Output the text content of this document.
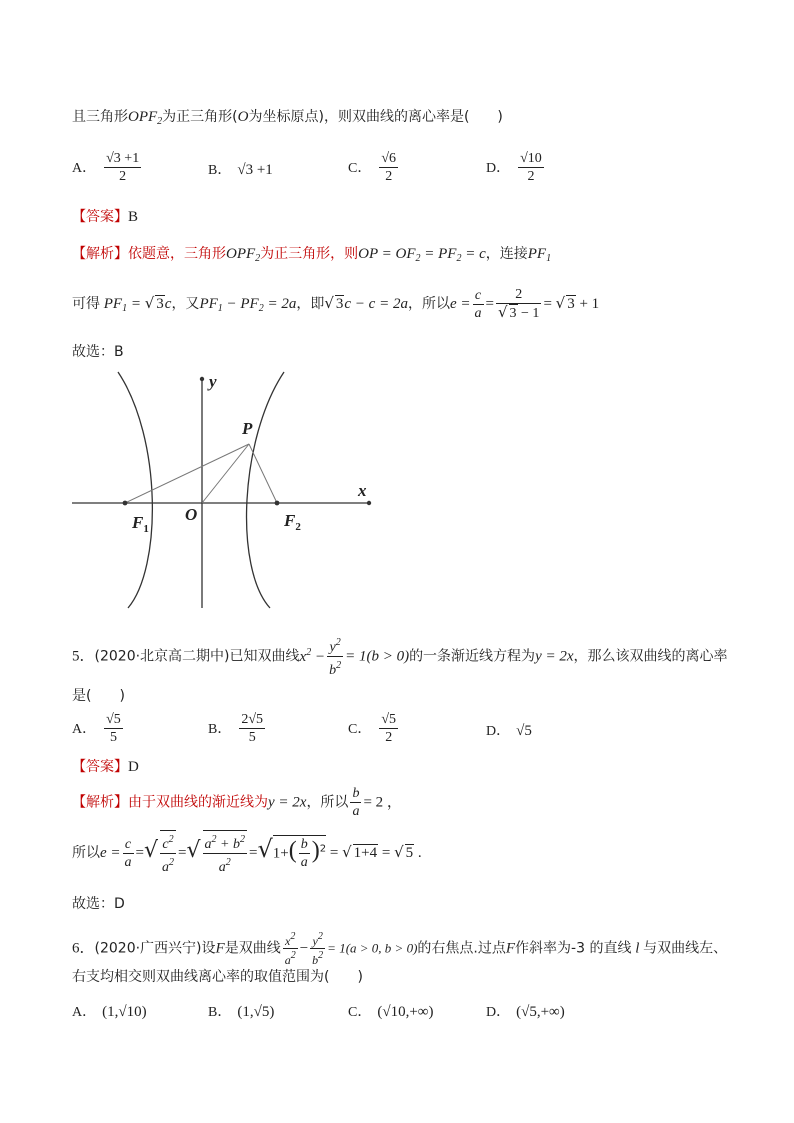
且三角形$OPF_2$为正三角形(O为坐标原点)，则双曲线的离心率是(　　)
A． $\frac{√3 +1}{2}$	B． √3 +1	C． $\frac{√6}{2}$	D． $\frac{√10}{2}$
【答案】B
【解析】依题意，三角形$OPF_2$为正三角形，则OP = $OF_2 = PF_2 = c$，连接$PF_1$
可得 $PF_1$ = √ 3c，又$PF_1 - PF_2 = 2a$，即√ 3c − c = 2a，所以$e = \frac{c}{a} = \frac{2}{√ 3 - 1}$ = √ 3 + 1
故选：B
y
x
P
O
$F_1$	$F_2$
5．(2020·北京高二期中)已知双曲线$x^2 - \frac{y^2}{b^2} = 1(b > 0)$的一条渐近线方程为y = 2x，那么该双曲线的离心率
是(　　)
A． $\frac{√5}{5}$	B． $\frac{2√5}{5}$	C． $\frac{√5}{2}$	D． √5
【答案】D
【解析】由于双曲线的渐近线为y = 2x，所以 $\frac{b}{a} = 2$ ，
所以$e = \frac{c}{a}$ =√ $\frac{c^2}{a^2}$ =√ $\frac{a^2 + b^2}{a^2} =√1+( \frac{b}{a} )^2$ = √ 1+4 = √ 5 .
故选：D
6．(2020·广西兴宁)设F是双曲线 $\frac{x^2}{a^2} - \frac{y^2}{b^2} = 1(a > 0$, b > 0)的右焦点.过点F作斜率为-3 的直线 l 与双曲线左、
右支均相交则双曲线离心率的取值范围为(　　)
A． (1,√10)	B． (1,√5)	C． (√10,+∞)	D． (√5,+∞)
